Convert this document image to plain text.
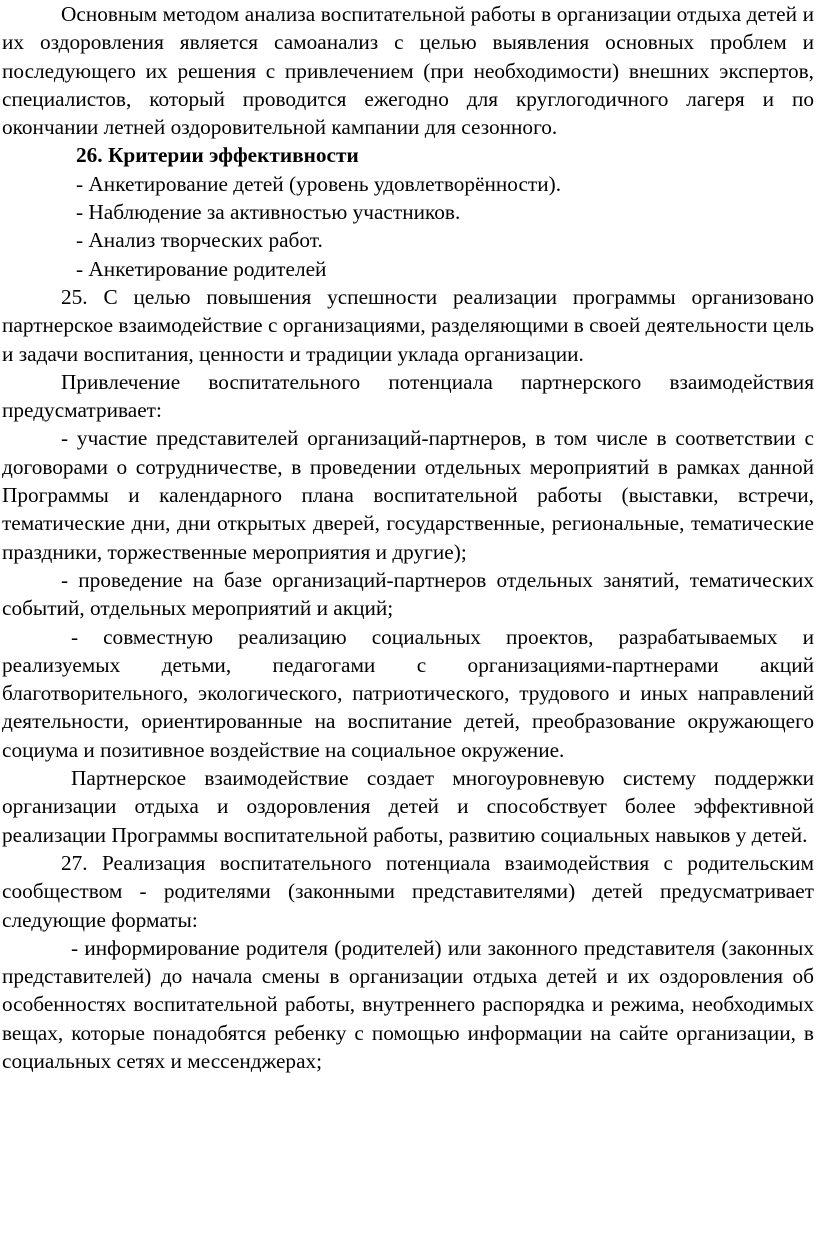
Основным методом анализа воспитательной работы в организации отдыха детей и их оздоровления является самоанализ с целью выявления основных проблем и последующего их решения с привлечением (при необходимости) внешних экспертов, специалистов, который проводится ежегодно для круглогодичного лагеря и по окончании летней оздоровительной кампании для сезонного.

26. Критерии эффективности

- Анкетирование детей (уровень удовлетворённости).

- Наблюдение за активностью участников.

- Анализ творческих работ.

- Анкетирование родителей

25. С целью повышения успешности реализации программы организовано партнерское взаимодействие с организациями, разделяющими в своей деятельности цель и задачи воспитания, ценности и традиции уклада организации.

Привлечение воспитательного потенциала партнерского взаимодействия предусматривает:

- участие представителей организаций-партнеров, в том числе в соответствии с договорами о сотрудничестве, в проведении отдельных мероприятий в рамках данной Программы и календарного плана воспитательной работы (выставки, встречи, тематические дни, дни открытых дверей, государственные, региональные, тематические праздники, торжественные мероприятия и другие);

- проведение на базе организаций-партнеров отдельных занятий, тематических событий, отдельных мероприятий и акций;

- совместную реализацию социальных проектов, разрабатываемых и реализуемых детьми, педагогами с организациями-партнерами акций благотворительного, экологического, патриотического, трудового и иных направлений деятельности, ориентированные на воспитание детей, преобразование окружающего социума и позитивное воздействие на социальное окружение.

Партнерское взаимодействие создает многоуровневую систему поддержки организации отдыха и оздоровления детей и способствует более эффективной реализации Программы воспитательной работы, развитию социальных навыков у детей.

27. Реализация воспитательного потенциала взаимодействия с родительским сообществом - родителями (законными представителями) детей предусматривает следующие форматы:

- информирование родителя (родителей) или законного представителя (законных представителей) до начала смены в организации отдыха детей и их оздоровления об особенностях воспитательной работы, внутреннего распорядка и режима, необходимых вещах, которые понадобятся ребенку с помощью информации на сайте организации, в социальных сетях и мессенджерах;
